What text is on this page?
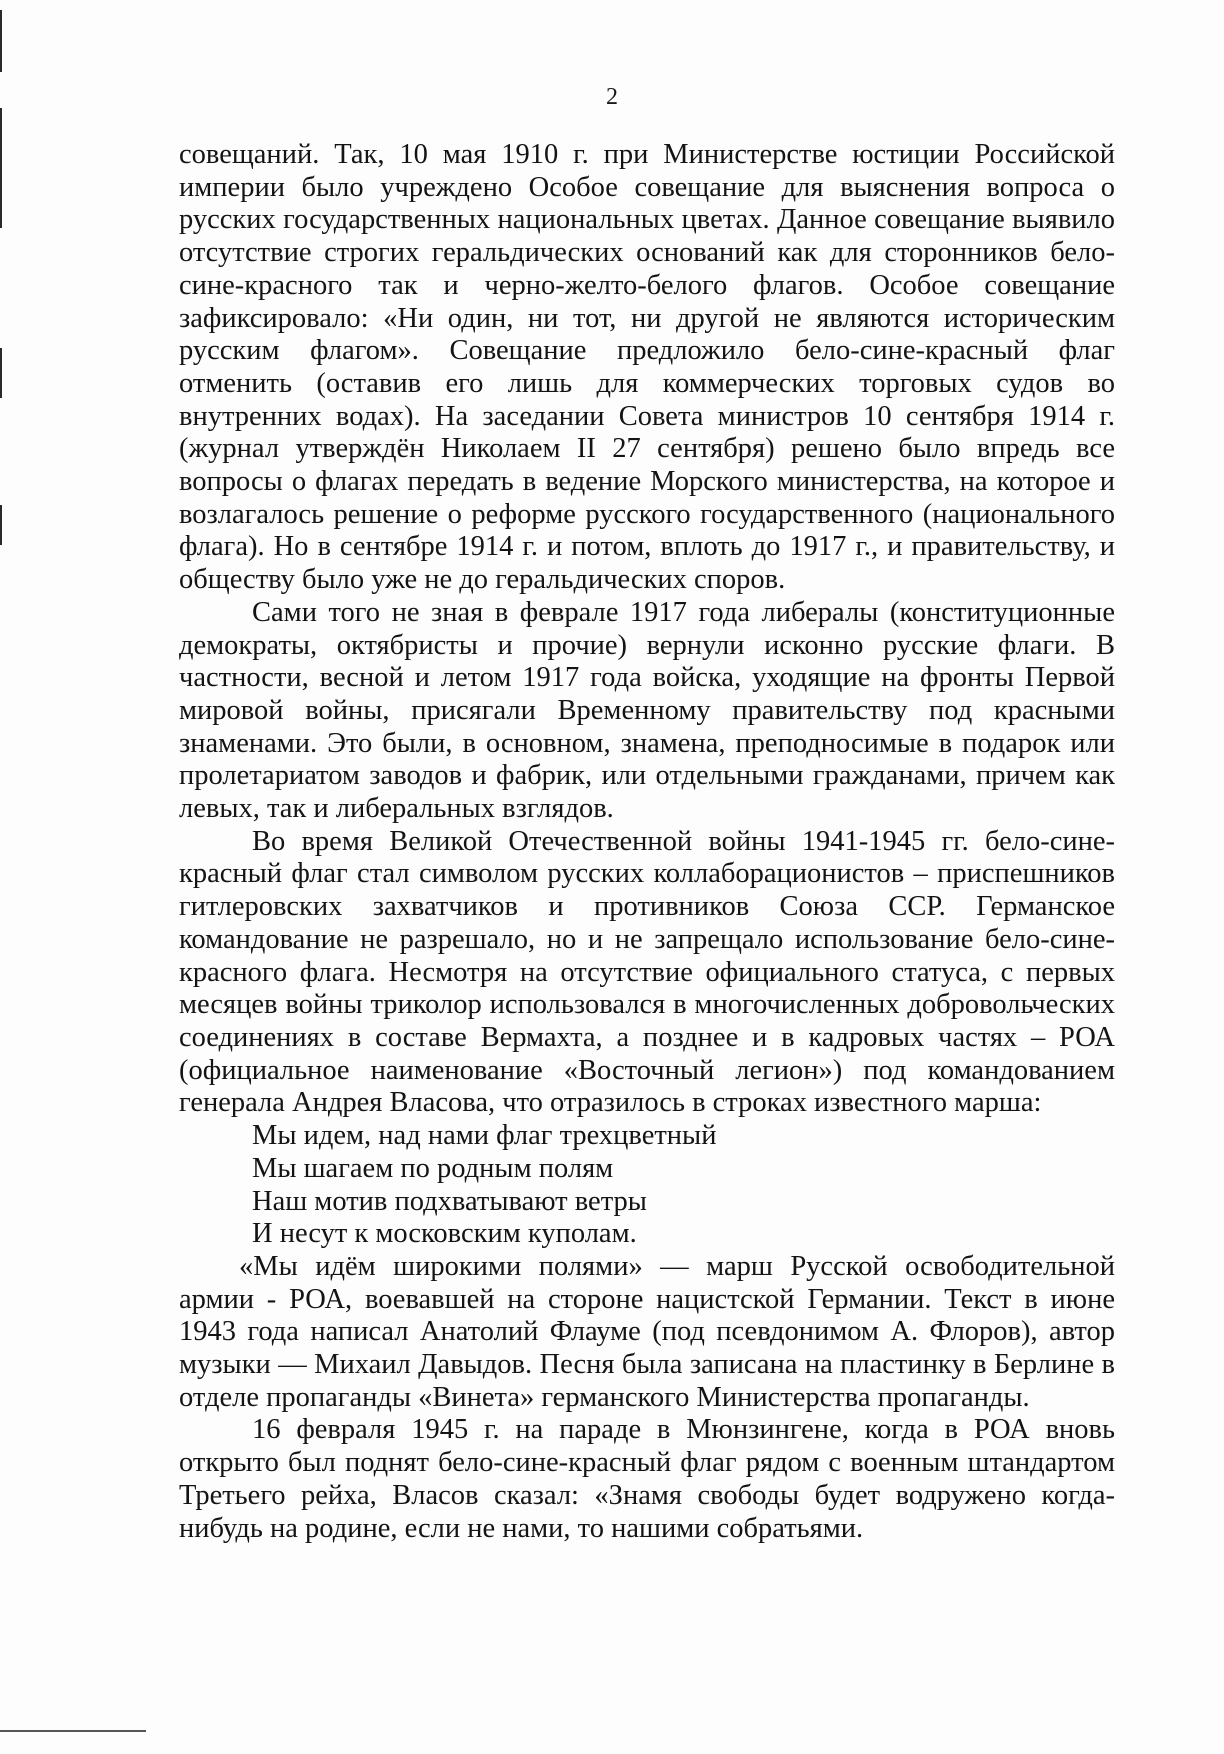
2

совещаний. Так, 10 мая 1910 г. при Министерстве юстиции Российской империи было учреждено Особое совещание для выяснения вопроса о русских государственных национальных цветах. Данное совещание выявило отсутствие строгих геральдических оснований как для сторонников бело-сине-красного так и черно-желто-белого флагов. Особое совещание зафиксировало: «Ни один, ни тот, ни другой не являются историческим русским флагом». Совещание предложило бело-сине-красный флаг отменить (оставив его лишь для коммерческих торговых судов во внутренних водах). На заседании Совета министров 10 сентября 1914 г. (журнал утверждён Николаем II 27 сентября) решено было впредь все вопросы о флагах передать в ведение Морского министерства, на которое и возлагалось решение о реформе русского государственного (национального флага). Но в сентябре 1914 г. и потом, вплоть до 1917 г., и правительству, и обществу было уже не до геральдических споров.

Сами того не зная в феврале 1917 года либералы (конституционные демократы, октябристы и прочие) вернули исконно русские флаги. В частности, весной и летом 1917 года войска, уходящие на фронты Первой мировой войны, присягали Временному правительству под красными знаменами. Это были, в основном, знамена, преподносимые в подарок или пролетариатом заводов и фабрик, или отдельными гражданами, причем как левых, так и либеральных взглядов.

Во время Великой Отечественной войны 1941-1945 гг. бело-сине-красный флаг стал символом русских коллаборационистов – приспешников гитлеровских захватчиков и противников Союза ССР. Германское командование не разрешало, но и не запрещало использование бело-сине-красного флага. Несмотря на отсутствие официального статуса, с первых месяцев войны триколор использовался в многочисленных добровольческих соединениях в составе Вермахта, а позднее и в кадровых частях – РОА (официальное наименование «Восточный легион») под командованием генерала Андрея Власова, что отразилось в строках известного марша:

Мы идем, над нами флаг трехцветный
Мы шагаем по родным полям
Наш мотив подхватывают ветры
И несут к московским куполам.

«Мы идём широкими полями» — марш Русской освободительной армии - РОА, воевавшей на стороне нацистской Германии. Текст в июне 1943 года написал Анатолий Флауме (под псевдонимом А. Флоров), автор музыки — Михаил Давыдов. Песня была записана на пластинку в Берлине в отделе пропаганды «Винета» германского Министерства пропаганды.

16 февраля 1945 г. на параде в Мюнзингене, когда в РОА вновь открыто был поднят бело-сине-красный флаг рядом с военным штандартом Третьего рейха, Власов сказал: «Знамя свободы будет водружено когда-нибудь на родине, если не нами, то нашими собратьями.
